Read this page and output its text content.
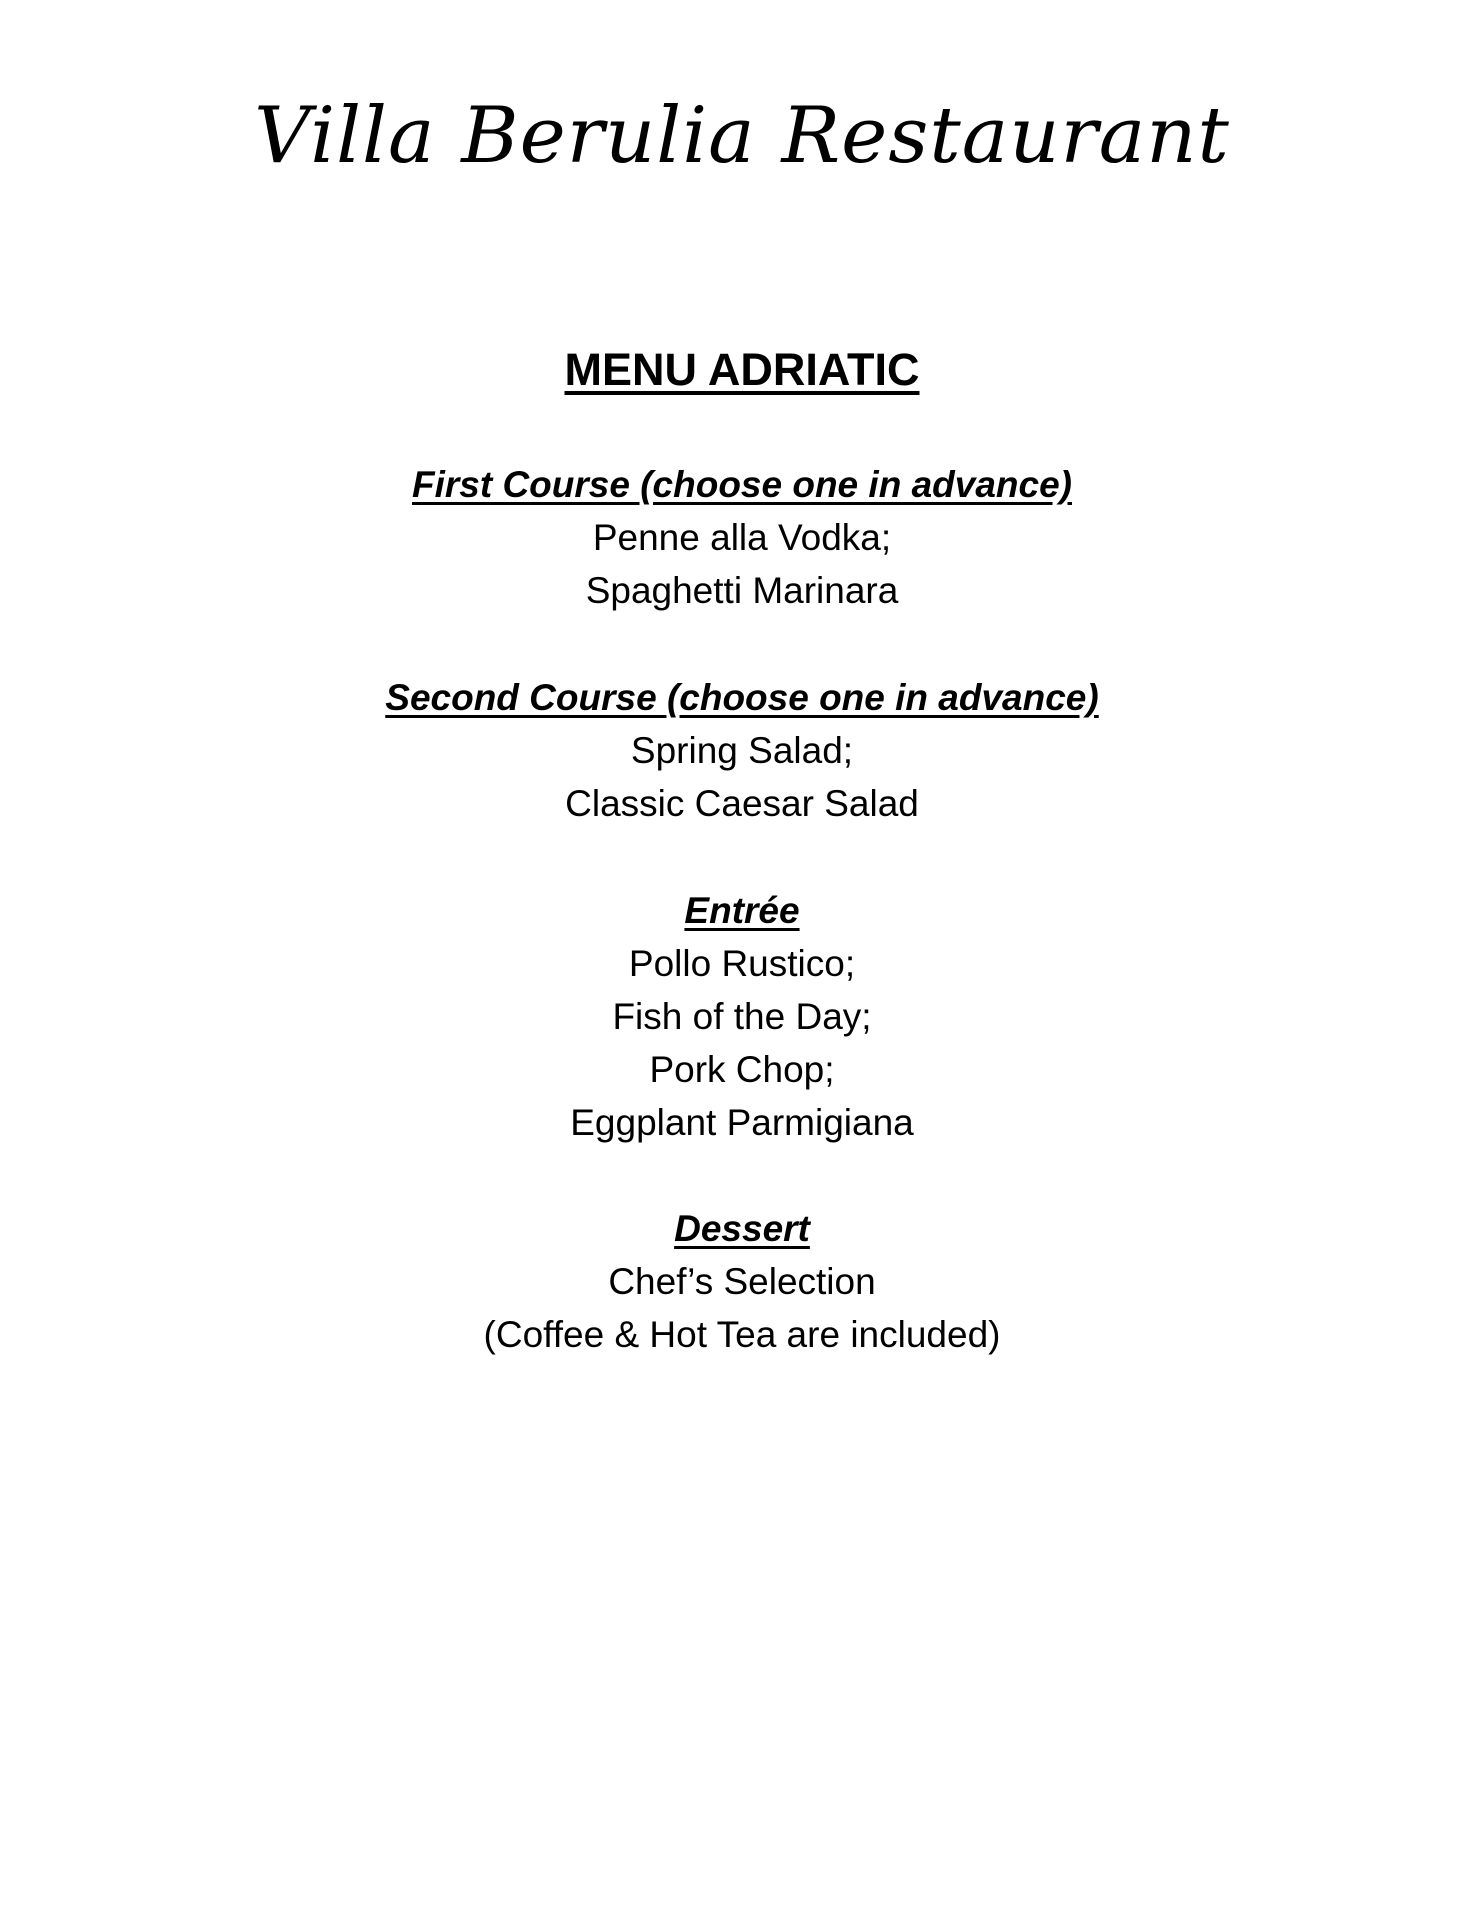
Villa Berulia Restaurant
MENU ADRIATIC
First Course (choose one in advance)
Penne alla Vodka;
Spaghetti Marinara
Second Course (choose one in advance)
Spring Salad;
Classic Caesar Salad
Entrée
Pollo Rustico;
Fish of the Day;
Pork Chop;
Eggplant Parmigiana
Dessert
Chef’s Selection
(Coffee & Hot Tea are included)
